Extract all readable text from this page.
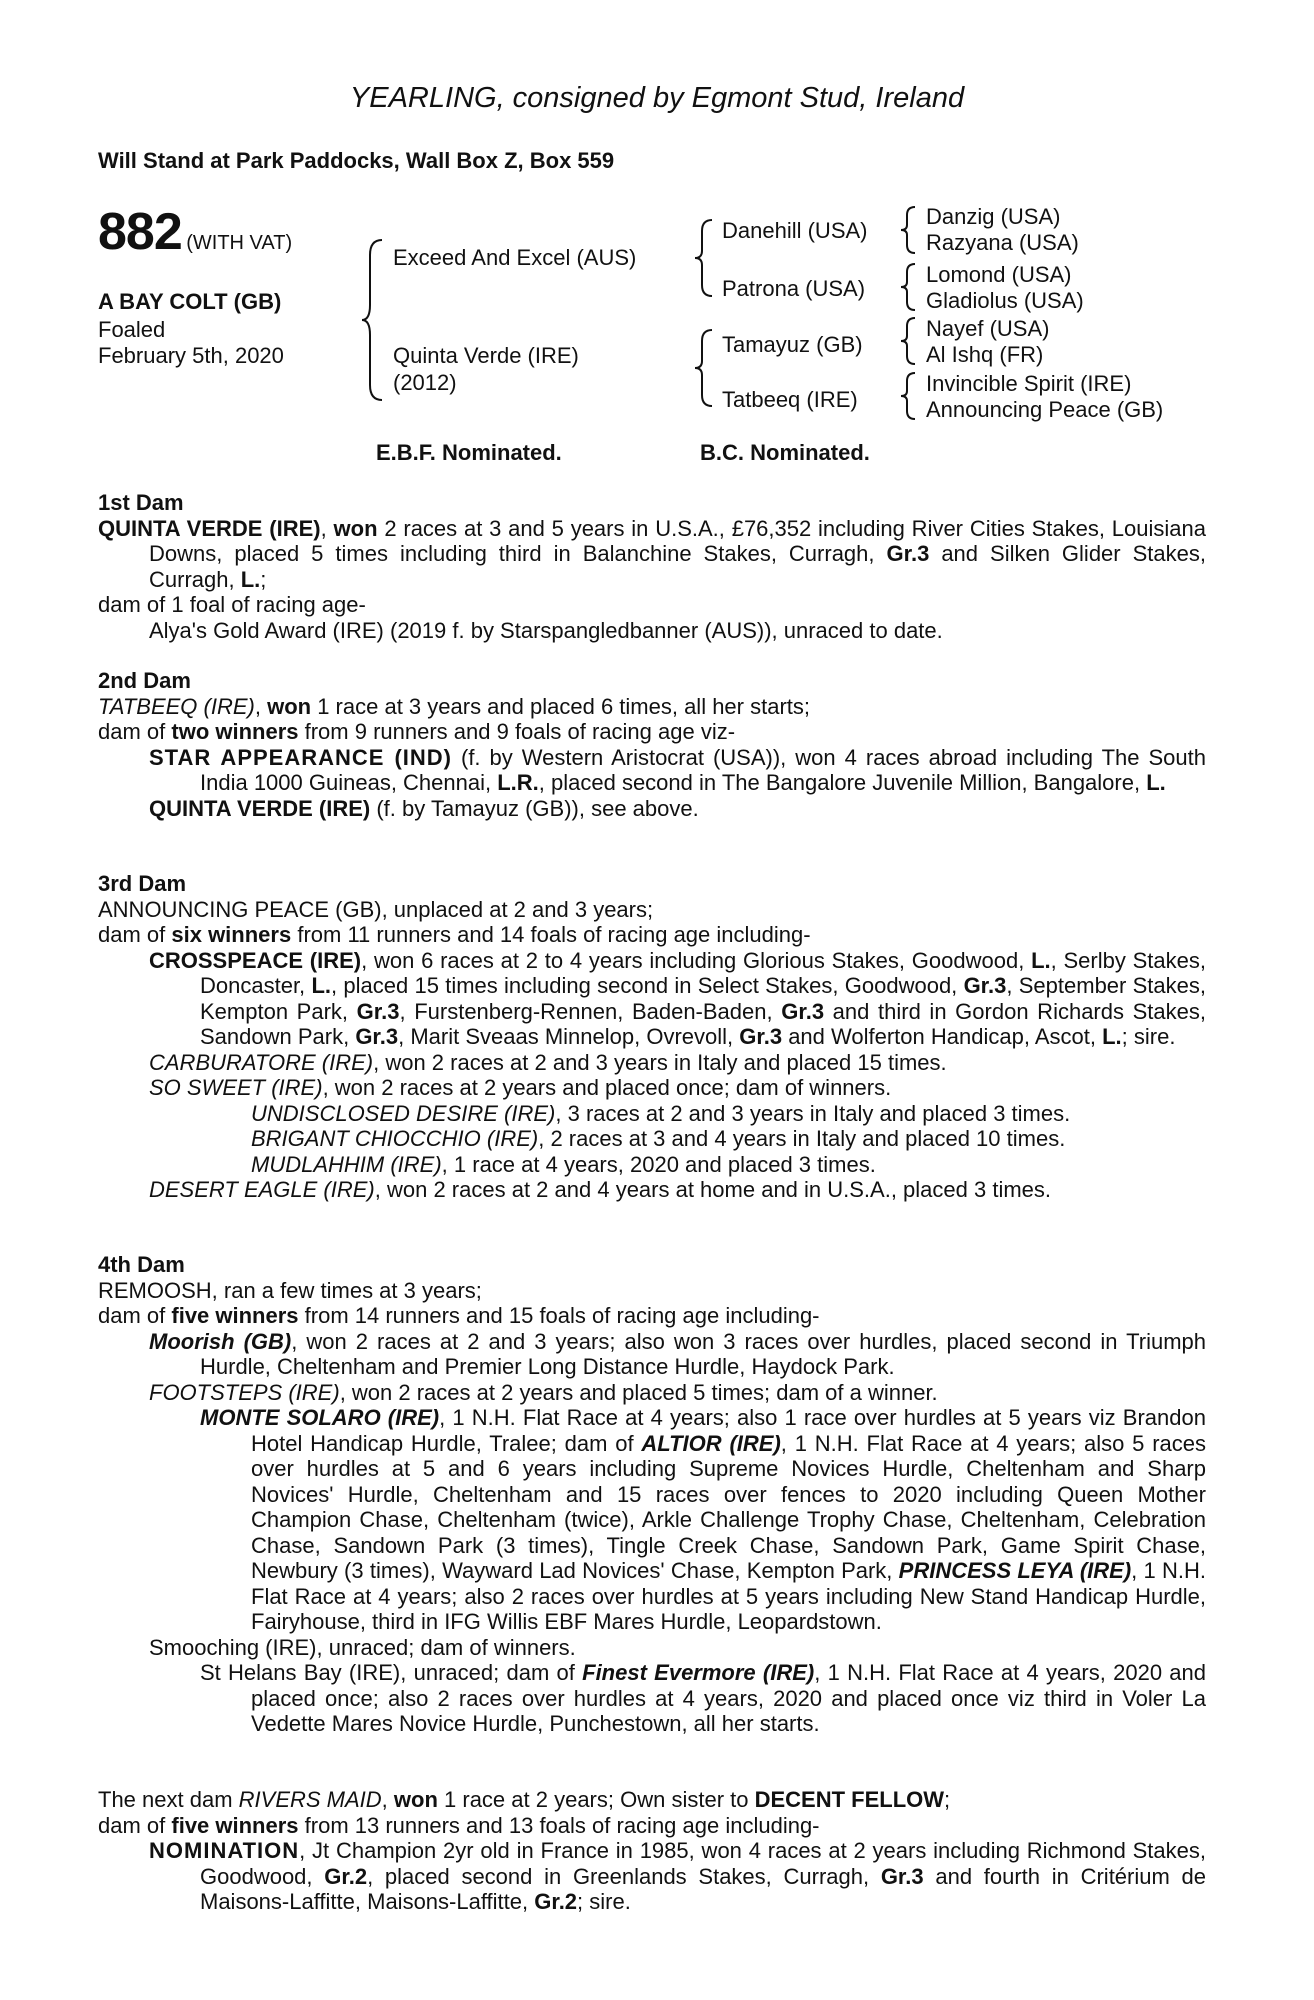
YEARLING, consigned by Egmont Stud, Ireland
Will Stand at Park Paddocks, Wall Box Z, Box 559
882 (WITH VAT)
A BAY COLT (GB)
Foaled
February 5th, 2020
Exceed And Excel (AUS)
Quinta Verde (IRE)
(2012)
Danehill (USA)
Patrona (USA)
Tamayuz (GB)
Tatbeeq (IRE)
Danzig (USA)
Razyana (USA)
Lomond (USA)
Gladiolus (USA)
Nayef (USA)
Al Ishq (FR)
Invincible Spirit (IRE)
Announcing Peace (GB)
E.B.F. Nominated.	B.C. Nominated.
1st Dam
QUINTA VERDE (IRE), won 2 races at 3 and 5 years in U.S.A., £76,352 including River Cities Stakes, Louisiana Downs, placed 5 times including third in Balanchine Stakes, Curragh, Gr.3 and Silken Glider Stakes, Curragh, L.;
dam of 1 foal of racing age-
Alya's Gold Award (IRE) (2019 f. by Starspangledbanner (AUS)), unraced to date.
2nd Dam
TATBEEQ (IRE), won 1 race at 3 years and placed 6 times, all her starts;
dam of two winners from 9 runners and 9 foals of racing age viz-
STAR APPEARANCE (IND) (f. by Western Aristocrat (USA)), won 4 races abroad including The South India 1000 Guineas, Chennai, L.R., placed second in The Bangalore Juvenile Million, Bangalore, L.
QUINTA VERDE (IRE) (f. by Tamayuz (GB)), see above.
3rd Dam
ANNOUNCING PEACE (GB), unplaced at 2 and 3 years;
dam of six winners from 11 runners and 14 foals of racing age including-
CROSSPEACE (IRE), won 6 races at 2 to 4 years including Glorious Stakes, Goodwood, L., Serlby Stakes, Doncaster, L., placed 15 times including second in Select Stakes, Goodwood, Gr.3, September Stakes, Kempton Park, Gr.3, Furstenberg-Rennen, Baden-Baden, Gr.3 and third in Gordon Richards Stakes, Sandown Park, Gr.3, Marit Sveaas Minnelop, Ovrevoll, Gr.3 and Wolferton Handicap, Ascot, L.; sire.
CARBURATORE (IRE), won 2 races at 2 and 3 years in Italy and placed 15 times.
SO SWEET (IRE), won 2 races at 2 years and placed once; dam of winners.
UNDISCLOSED DESIRE (IRE), 3 races at 2 and 3 years in Italy and placed 3 times.
BRIGANT CHIOCCHIO (IRE), 2 races at 3 and 4 years in Italy and placed 10 times.
MUDLAHHIM (IRE), 1 race at 4 years, 2020 and placed 3 times.
DESERT EAGLE (IRE), won 2 races at 2 and 4 years at home and in U.S.A., placed 3 times.
4th Dam
REMOOSH, ran a few times at 3 years;
dam of five winners from 14 runners and 15 foals of racing age including-
Moorish (GB), won 2 races at 2 and 3 years; also won 3 races over hurdles, placed second in Triumph Hurdle, Cheltenham and Premier Long Distance Hurdle, Haydock Park.
FOOTSTEPS (IRE), won 2 races at 2 years and placed 5 times; dam of a winner.
MONTE SOLARO (IRE), 1 N.H. Flat Race at 4 years; also 1 race over hurdles at 5 years viz Brandon Hotel Handicap Hurdle, Tralee; dam of ALTIOR (IRE), 1 N.H. Flat Race at 4 years; also 5 races over hurdles at 5 and 6 years including Supreme Novices Hurdle, Cheltenham and Sharp Novices' Hurdle, Cheltenham and 15 races over fences to 2020 including Queen Mother Champion Chase, Cheltenham (twice), Arkle Challenge Trophy Chase, Cheltenham, Celebration Chase, Sandown Park (3 times), Tingle Creek Chase, Sandown Park, Game Spirit Chase, Newbury (3 times), Wayward Lad Novices' Chase, Kempton Park, PRINCESS LEYA (IRE), 1 N.H. Flat Race at 4 years; also 2 races over hurdles at 5 years including New Stand Handicap Hurdle, Fairyhouse, third in IFG Willis EBF Mares Hurdle, Leopardstown.
Smooching (IRE), unraced; dam of winners.
St Helans Bay (IRE), unraced; dam of Finest Evermore (IRE), 1 N.H. Flat Race at 4 years, 2020 and placed once; also 2 races over hurdles at 4 years, 2020 and placed once viz third in Voler La Vedette Mares Novice Hurdle, Punchestown, all her starts.
The next dam RIVERS MAID, won 1 race at 2 years; Own sister to DECENT FELLOW;
dam of five winners from 13 runners and 13 foals of racing age including-
NOMINATION, Jt Champion 2yr old in France in 1985, won 4 races at 2 years including Richmond Stakes, Goodwood, Gr.2, placed second in Greenlands Stakes, Curragh, Gr.3 and fourth in Critérium de Maisons-Laffitte, Maisons-Laffitte, Gr.2; sire.
